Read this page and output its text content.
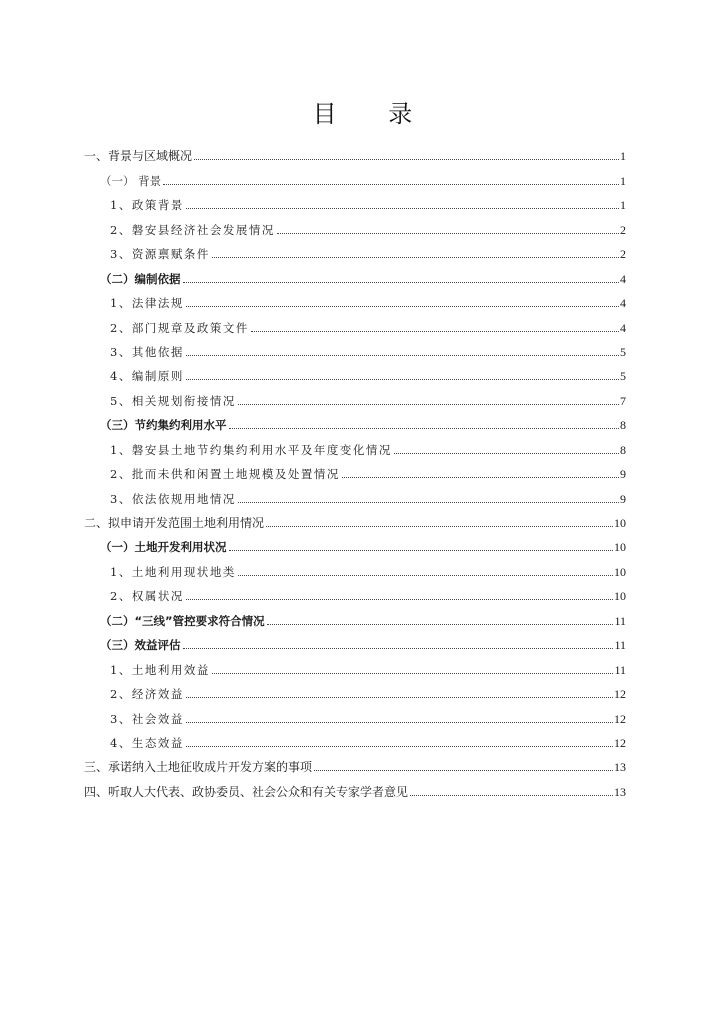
目 录
一、背景与区域概况	1
（一） 背景	1
1、政策背景	1
2、磐安县经济社会发展情况	2
3、资源禀赋条件	2
（二）编制依据	4
1、法律法规	4
2、部门规章及政策文件	4
3、其他依据	5
4、编制原则	5
5、相关规划衔接情况	7
（三）节约集约利用水平	8
1、磐安县土地节约集约利用水平及年度变化情况	8
2、批而未供和闲置土地规模及处置情况	9
3、依法依规用地情况	9
二、拟申请开发范围土地利用情况	10
（一）土地开发利用状况	10
1、土地利用现状地类	10
2、权属状况	10
（二）“三线”管控要求符合情况	11
（三）效益评估	11
1、土地利用效益	11
2、经济效益	12
3、社会效益	12
4、生态效益	12
三、承诺纳入土地征收成片开发方案的事项	13
四、听取人大代表、政协委员、社会公众和有关专家学者意见	13
